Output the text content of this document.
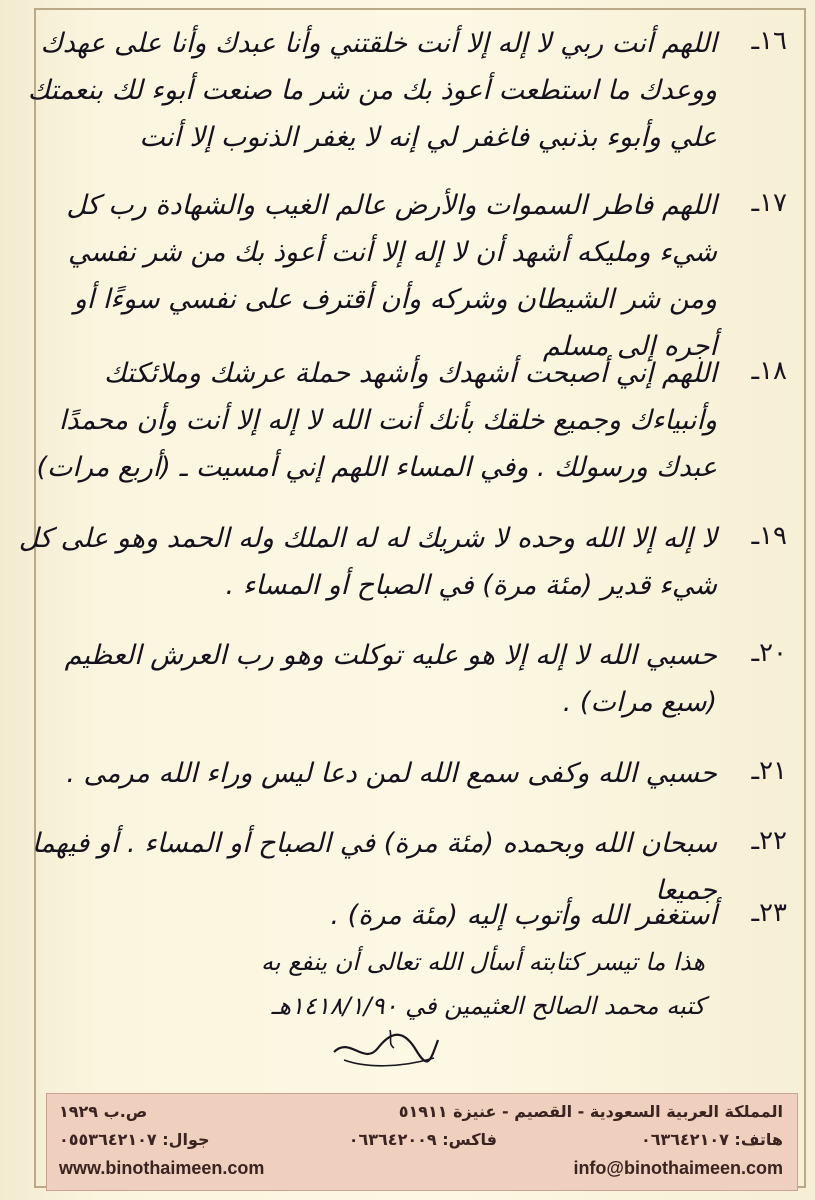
١٦ـ
اللهم أنت ربي لا إله إلا أنت خلقتني وأنا عبدك وأنا على عهدك ووعدك ما استطعت أعوذ بك من شر ما صنعت أبوء لك بنعمتك علي وأبوء بذنبي فاغفر لي إنه لا يغفر الذنوب إلا أنت
١٧ـ
اللهم فاطر السموات والأرض عالم الغيب والشهادة رب كل شيء ومليكه أشهد أن لا إله إلا أنت أعوذ بك من شر نفسي ومن شر الشيطان وشركه وأن أقترف على نفسي سوءًا أو أجره إلى مسلم
١٨ـ
اللهم إني أصبحت أشهدك وأشهد حملة عرشك وملائكتك وأنبياءك وجميع خلقك بأنك أنت الله لا إله إلا أنت وأن محمدًا عبدك ورسولك . وفي المساء اللهم إني أمسيت ـ (أربع مرات)
١٩ـ
لا إله إلا الله وحده لا شريك له له الملك وله الحمد وهو على كل شيء قدير (مئة مرة) في الصباح أو المساء .
٢٠ـ
حسبي الله لا إله إلا هو عليه توكلت وهو رب العرش العظيم (سبع مرات) .
٢١ـ
حسبي الله وكفى سمع الله لمن دعا ليس وراء الله مرمى .
٢٢ـ
سبحان الله وبحمده (مئة مرة) في الصباح أو المساء . أو فيهما جميعا
٢٣ـ
أستغفر الله وأتوب إليه (مئة مرة) .
هذا ما تيسر كتابته أسأل الله تعالى أن ينفع به
كتبه محمد الصالح العثيمين في ١٤١٨/١/٩٠هـ
المملكة العربية السعودية - القصيم - عنيزة ٥١٩١١
ص.ب ١٩٢٩
هاتف: ٠٦٣٦٤٢١٠٧
فاكس: ٠٦٣٦٤٢٠٠٩
جوال: ٠٥٥٣٦٤٢١٠٧
info@binothaimeen.com
www.binothaimeen.com
